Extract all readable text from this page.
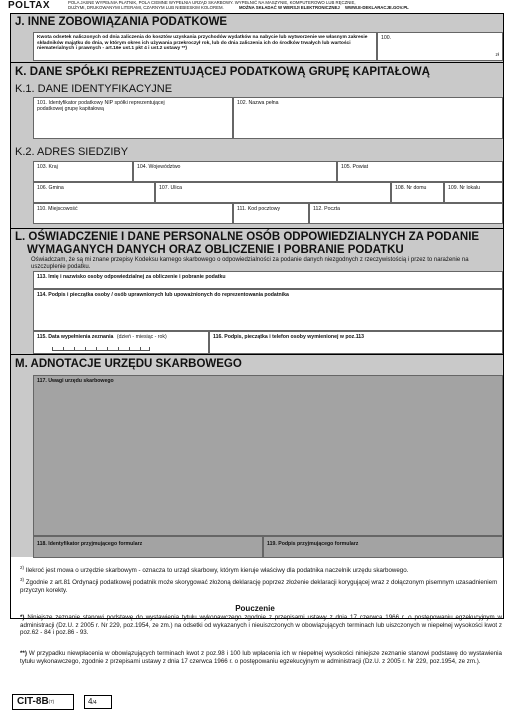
POLTAX	POLA JASNE WYPEŁNIA PŁATNIK, POLA CIEMNE WYPEŁNIA URZĄD SKARBOWY. WYPEŁNIĆ NA MASZYNIE, KOMPUTEROWO LUB RĘCZNIE,
DUŻYMI, DRUKOWANYMI LITERAMI, CZARNYM LUB NIEBIESKIM KOLOREM.	MOŻNA SKŁADAĆ W WERSJI ELEKTRONICZNEJ WWW.E-DEKLARACJE.GOV.PL
J. INNE ZOBOWIĄZANIA PODATKOWE
Kwota odsetek naliczonych od dnia zaliczenia do kosztów uzyskania przychodów wydatków na nabycie lub wytworzenie we własnym zakresie składników majątku do dnia, w którym okres ich używania przekroczył rok, lub do dnia zaliczenia ich do środków trwałych lub wartości niematerialnych i prawnych - art.16e ust.1 pkt 4 i ust.2 ustawy **)
100.
zł
K. DANE SPÓŁKI REPREZENTUJĄCEJ PODATKOWĄ GRUPĘ KAPITAŁOWĄ
K.1. DANE IDENTYFIKACYJNE
101. Identyfikator podatkowy NIP spółki reprezentującej podatkowej grupę kapitałową
102. Nazwa pełna
K.2. ADRES SIEDZIBY
103. Kraj	104. Województwo	105. Powiat
106. Gmina	107. Ulica	108. Nr domu	109. Nr lokalu
110. Miejscowość	111. Kod pocztowy	112. Poczta
L. OŚWIADCZENIE I DANE PERSONALNE OSÓB ODPOWIEDZIALNYCH ZA PODANIE
WYMAGANYCH DANYCH ORAZ OBLICZENIE I POBRANIE PODATKU
Oświadczam, że są mi znane przepisy Kodeksu karnego skarbowego o odpowiedzialności za podanie danych niezgodnych z rzeczywistością i przez to narażenie na uszczuplenie podatku.
113. Imię i nazwisko osoby odpowiedzialnej za obliczenie i pobranie podatku
114. Podpis i pieczątka osoby / osób uprawnionych lub upoważnionych do reprezentowania podatnika
115. Data wypełnienia zeznania (dzień - miesiąc - rok)	116. Podpis, pieczątka i telefon osoby wymienionej w poz.113
M. ADNOTACJE URZĘDU SKARBOWEGO
117. Uwagi urzędu skarbowego
118. Identyfikator przyjmującego formularz	119. Podpis przyjmującego formularz
$^{2)}$ Ilekroć jest mowa o urzędzie skarbowym - oznacza to urząd skarbowy, którym kieruje właściwy dla podatnika naczelnik urzędu skarbowego.
$^{3)}$ Zgodnie z art.81 Ordynacji podatkowej podatnik może skorygować złożoną deklarację poprzez złożenie deklaracji korygującej wraz z dołączonym pisemnym uzasadnieniem przyczyn korekty.
Pouczenie
*) Niniejsze zeznanie stanowi podstawę do wystawienia tytułu wykonawczego zgodnie z przepisami ustawy z dnia 17 czerwca 1966 r. o postępowaniu egzekucyjnym w administracji (Dz.U. z 2005 r. Nr 229, poz.1954, ze zm.) na odsetki od wykazanych i nieuiszczonych w obowiązujących terminach lub uiszczonych w niepełnej wysokości kwot z poz.62 - 84 i poz.86 - 93.
**) W przypadku niewpłacenia w obowiązujących terminach kwot z poz.98 i 100 lub wpłacenia ich w niepełnej wysokości niniejsze zeznanie stanowi podstawę do wystawienia tytułu wykonawczego, zgodnie z przepisami ustawy z dnia 17 czerwca 1966 r. o postępowaniu egzekucyjnym w administracji (Dz.U. z 2005 r. Nr 229, poz.1954, ze zm.).
CIT-8B(7)	4/4
